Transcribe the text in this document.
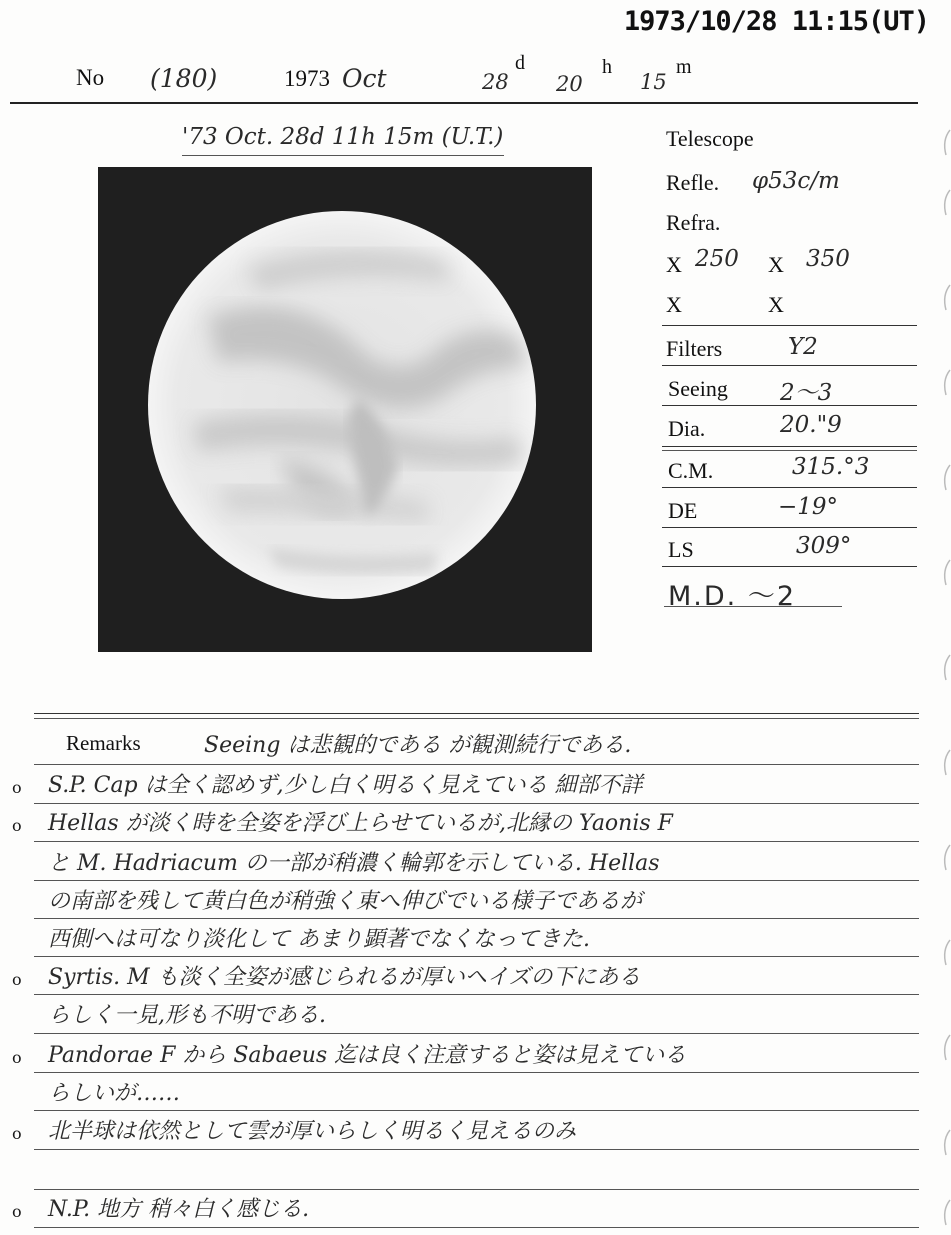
1973/10/28 11:15(UT)
No (180)	1973 Oct	28
d
20
h
15
m
'73 Oct. 28d 11h 15m (U.T.)	Telescope
Refle. φ53c/m
Refra.
X 250 X 350
X	X
Filters	Y2
Seeing 2〜3
Dia.	20."9
C.M.	315.°3
DE	−19°
LS	309°
M.D. 〜2
Remarks	Seeing は悲観的である が観測続行である.
o S.P. Cap は全く認めず,少し白く明るく見えている 細部不詳
o Hellas が淡く時を全姿を浮び上らせているが,北縁の Yaonis F
と M. Hadriacum の一部が稍濃く輪郭を示している. Hellas
の南部を残して黄白色が稍強く東へ伸びでいる様子であるが
西側へは可なり淡化して あまり顕著でなくなってきた.
o Syrtis. M も淡く全姿が感じられるが厚いヘイズの下にある
らしく一見,形も不明である.
o Pandorae F から Sabaeus 迄は良く注意すると姿は見えている
らしいが……
o 北半球は依然として雲が厚いらしく明るく見えるのみ
o N.P. 地方 稍々白く感じる.
